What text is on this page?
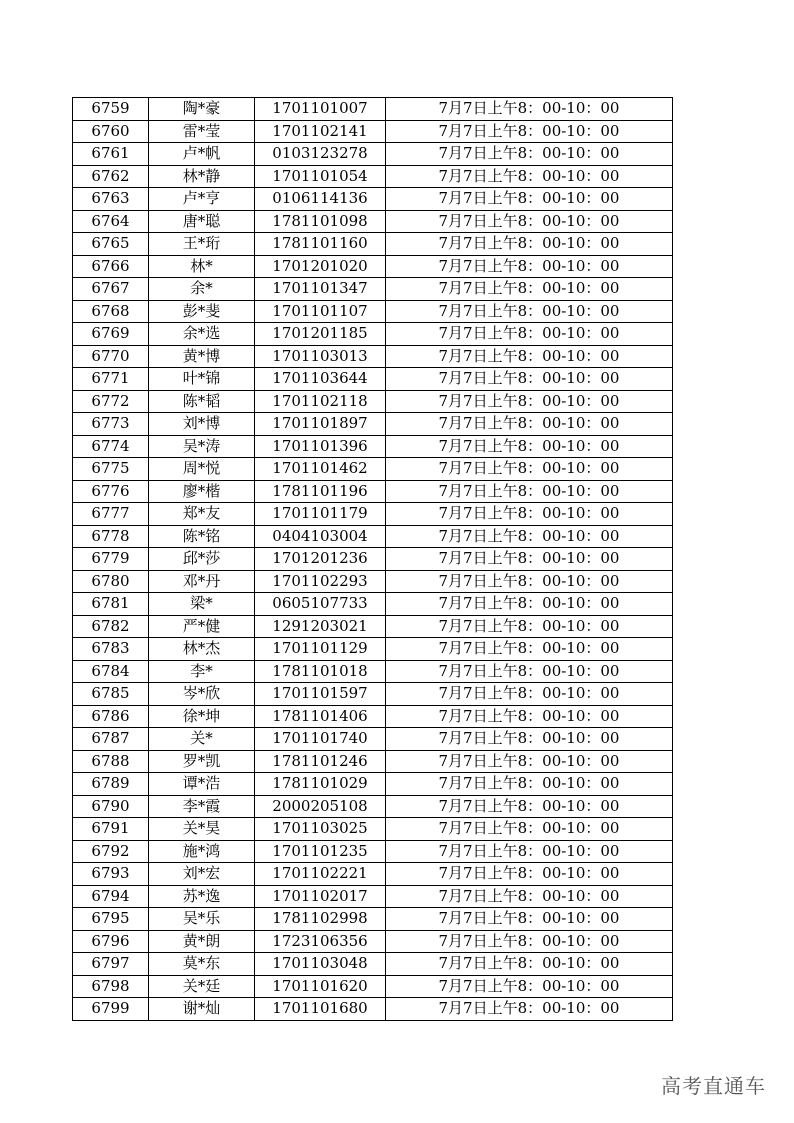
6759	陶*豪	1701101007	7月7日上午8：00-10：00
6760	雷*莹	1701102141	7月7日上午8：00-10：00
6761	卢*帆	0103123278	7月7日上午8：00-10：00
6762	林*静	1701101054	7月7日上午8：00-10：00
6763	卢*亨	0106114136	7月7日上午8：00-10：00
6764	唐*聪	1781101098	7月7日上午8：00-10：00
6765	王*珩	1781101160	7月7日上午8：00-10：00
6766	林*	1701201020	7月7日上午8：00-10：00
6767	余*	1701101347	7月7日上午8：00-10：00
6768	彭*斐	1701101107	7月7日上午8：00-10：00
6769	余*选	1701201185	7月7日上午8：00-10：00
6770	黄*博	1701103013	7月7日上午8：00-10：00
6771	叶*锦	1701103644	7月7日上午8：00-10：00
6772	陈*韬	1701102118	7月7日上午8：00-10：00
6773	刘*博	1701101897	7月7日上午8：00-10：00
6774	吴*涛	1701101396	7月7日上午8：00-10：00
6775	周*悦	1701101462	7月7日上午8：00-10：00
6776	廖*楷	1781101196	7月7日上午8：00-10：00
6777	郑*友	1701101179	7月7日上午8：00-10：00
6778	陈*铭	0404103004	7月7日上午8：00-10：00
6779	邱*莎	1701201236	7月7日上午8：00-10：00
6780	邓*丹	1701102293	7月7日上午8：00-10：00
6781	梁*	0605107733	7月7日上午8：00-10：00
6782	严*健	1291203021	7月7日上午8：00-10：00
6783	林*杰	1701101129	7月7日上午8：00-10：00
6784	李*	1781101018	7月7日上午8：00-10：00
6785	岑*欣	1701101597	7月7日上午8：00-10：00
6786	徐*坤	1781101406	7月7日上午8：00-10：00
6787	关*	1701101740	7月7日上午8：00-10：00
6788	罗*凯	1781101246	7月7日上午8：00-10：00
6789	谭*浩	1781101029	7月7日上午8：00-10：00
6790	李*霞	2000205108	7月7日上午8：00-10：00
6791	关*昊	1701103025	7月7日上午8：00-10：00
6792	施*鸿	1701101235	7月7日上午8：00-10：00
6793	刘*宏	1701102221	7月7日上午8：00-10：00
6794	苏*逸	1701102017	7月7日上午8：00-10：00
6795	吴*乐	1781102998	7月7日上午8：00-10：00
6796	黄*朗	1723106356	7月7日上午8：00-10：00
6797	莫*东	1701103048	7月7日上午8：00-10：00
6798	关*廷	1701101620	7月7日上午8：00-10：00
6799	谢*灿	1701101680	7月7日上午8：00-10：00
高考直通车
